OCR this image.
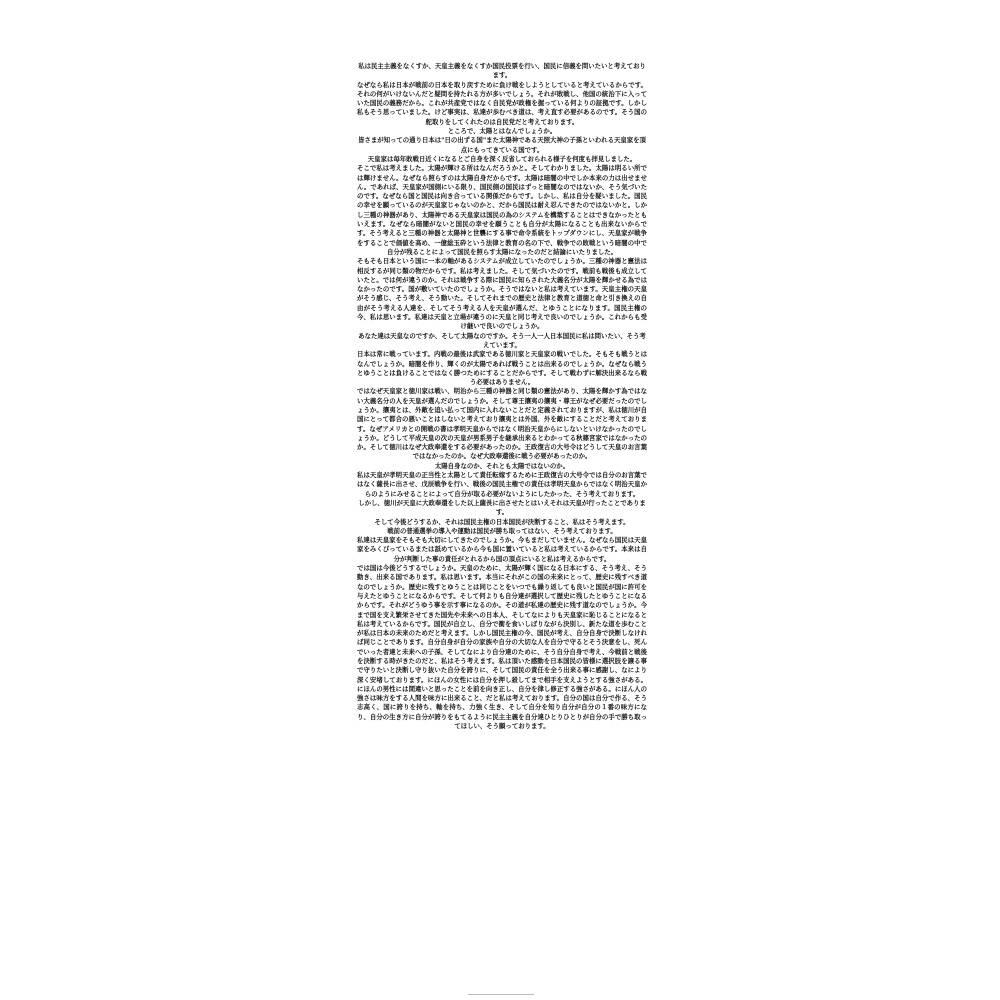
私は民主主義をなくすか、天皇主義をなくすか国民投票を行い、国民に信義を問いたいと考えております。

なぜなら私は日本が戦前の日本を取り戻すために負け戦をしようとしていると考えているからです。それの何がいけないんだと疑問を持たれる方が多いでしょう。それが敗戦し、他国の統治下に入っていた国民の義務だから。これが共産党ではなく自民党が政権を握っている何よりの証拠です。しかし私もそう思っていました。けど事実は、私達が歩むべき道は、考え直す必要があるのです。そう国の舵取りをしてくれたのは自民党だと考えております。

ところで、太陽とはなんでしょうか。

皆さまが知っての通り日本は"日の出ずる国"また太陽神である天照大神の子孫といわれる天皇家を頂点にもってきている国です。

天皇家は毎年敗戦日近くになるとご自身を深く反省しておられる様子を何度も拝見しました。

そこで私は考えました。太陽が輝ける所はなんだろうかと。そしてわかりました。太陽は明るい所では輝けません。なぜなら照らすのは太陽自身だからです。太陽は暗闇の中でしか本来の力は出せません。であれば、天皇家が国側にいる限り、国民側の国民はずっと暗闇なのではないか、そう気づいたのです。なぜなら国と国民は向き合っている関係だからです。しかし、私は自分を疑いました。国民の幸せを願っているのが天皇家じゃないのかと、だから国民は耐え忍んできたのではないかと。しかし三種の神器があり、太陽神である天皇家は国民の為のシステムを構築することはできなかったともいえます。なぜなら暗闇がないと国民の幸せを願うことも自分が太陽になることも出来ないからです。そう考えると三種の神器と太陽神と世襲にする事で命令系統をトップダウンにし、天皇家が戦争をすることで価値を高め、一億総玉砕という法律と教育の名の下で、戦争での敗戦という暗闇の中で自分が残ることによって国民を照らす太陽になったのだと結論にいたりました。

そもそも日本という国に一本の軸があるシステムが成立していたのでしょうか。三種の神器と憲法は相反するが同じ類の物だからです。私は考えました。そして気づいたのです。戦前も戦後も成立していたと。では何が違うのか。それは戦争する際に国民に知らされた大義名分が太陽を輝かせる為ではなかったのです。国が敷いていたのでしょうか。そうではないと私は考えています。天皇主権の天皇がそう感じ、そう考え、そう動いた。そしてそれまでの歴史と法律と教育と道徳と命と引き換えの自由がそう考える人達を、そしてそう考える人を天皇が選んだ、とゆうことになります。国民主権の今、私は思います。私達は天皇と立場が違うのに天皇と同じ考えで良いのでしょうか。これからも受け継いで良いのでしょうか。

あなた達は天皇なのですか、そして太陽なのですか。そう一人一人日本国民に私は問いたい、そう考えています。

日本は常に戦っています。内戦の最後は武家である徳川家と天皇家の戦いでした。そもそも戦うとはなんでしょうか。暗闇を作り、輝くのが太陽であれば戦うことは出来るのでしょうか。なぜなら戦うとゆうことは負けることではなく勝つためにすることだからです。そして戦わずに解決出来るなら戦う必要はありません。

ではなぜ天皇家と徳川家は戦い、明治から三種の神器と同じ類の憲法があり、太陽を輝かす為ではない大義名分の人を天皇が選んだのでしょうか。そして尊王攘夷の攘夷・尊王がなぜ必要だったのでしょうか。攘夷とは、外敵を追い払って国内に入れないことだと定義されておりますが、私は徳川が自国にとって都合の悪いことはしないと考えており攘夷とは外国、外を敵にすることだと考えております。なぜアメリカとの開戦の書は孝明天皇からではなく明治天皇からにしないといけなかったのでしょうか。どうして平成天皇の次の天皇が男系男子を継承出来るとわかってる秋篠宮家ではなかったのか。そして徳川はなぜ大政奉還をする必要があったのか。王政復古の大号令はどうして天皇のお言葉ではなかったのか。なぜ大政奉還後に戦う必要があったのか。

太陽自身なのか、それとも太陽ではないのか。

私は天皇が孝明天皇の正当性と太陽として責任転嫁するために王政復古の大号令では自分のお言葉ではなく薩長に出させ、戊辰戦争を行い、戦後の国民主権での責任は孝明天皇からではなく明治天皇からのようにみせることによって自分が取る必要がないようにしたかった、そう考えております。

しかし、徳川が天皇に大政奉還をした以上薩長に出させたとはいえそれは天皇が行ったことであります。

そして今後どうするか、それは国民主権の日本国民が決断すること、私はそう考えます。

戦前の普通選挙の導入や運動は国民が勝ち取ってはない、そう考えております。

私達は天皇家をそもそも大切にしてきたのでしょうか。今もまだしていません。なぜなら国民は天皇家をみくびっているまたは舐めているから今も国に置いていると私は考えているからです。本来は自分が判断した事の責任がとれるから国の頂点にいると私は考えるからです。

では国は今後どうするでしょうか。天皇のために、太陽が輝く国になる日本にする、そう考え、そう動き、出来る国であります。私は思います。本当にそれがこの国の未来にとって、歴史に残すべき道なのでしょうか。歴史に残すとゆうことは同じことをいつでも繰り返しても良いと国民が国に許可を与えたとゆうことになるからです。そして何よりも自分達が選択して歴史に残したとゆうことになるからです。それがどうゆう事を示す事になるのか。その道が私達の歴史に残す道なのでしょうか。今まで国を支え繁栄させてきた国先や未来への日本人、そしてなによりも天皇家に恥じることになると私は考えているからです。国民が自立し、自分で衝を食いしばりながら決別し、新たな道を歩むことが私は日本の未来のためだと考えます。しかし国民主権の今、国民が考え、自分自身で決断しなければ同じことであります。自分自身が自分の家族や自分の大切な人を自分で守るとそう決意をし、死んでいった者達と未来への子孫、そしてなにより自分達のために、そう自分自身で考え、今戦前と戦後を決断する時がきたのだと、私はそう考えます。私は頂いた感動を日本国民の皆様に選択肢を譲る事で守りたいと決断し守り抜いた自分を誇りに、そして国民の責任を全う出来る事に感謝し、なにより深く安堵しております。にほんの女性には自分を押し殺してまで相手を支えようとする強さがある。にほんの男性には間違いと思ったことを前を向き正し、自分を律し修正する強さがある。にほん人の強さは味方をする人間を味方に出来ること、だと私は考えております。自分の国は自分で作る、そう志高く、国に誇りを持ち、軸を持ち、力強く生き、そして自分を知り自分が自分の１番の味方になり、自分の生き方に自分が誇りをもてるように民主主義を自分達ひとりひとりが自分の手で勝ち取ってほしい、そう願っております。
